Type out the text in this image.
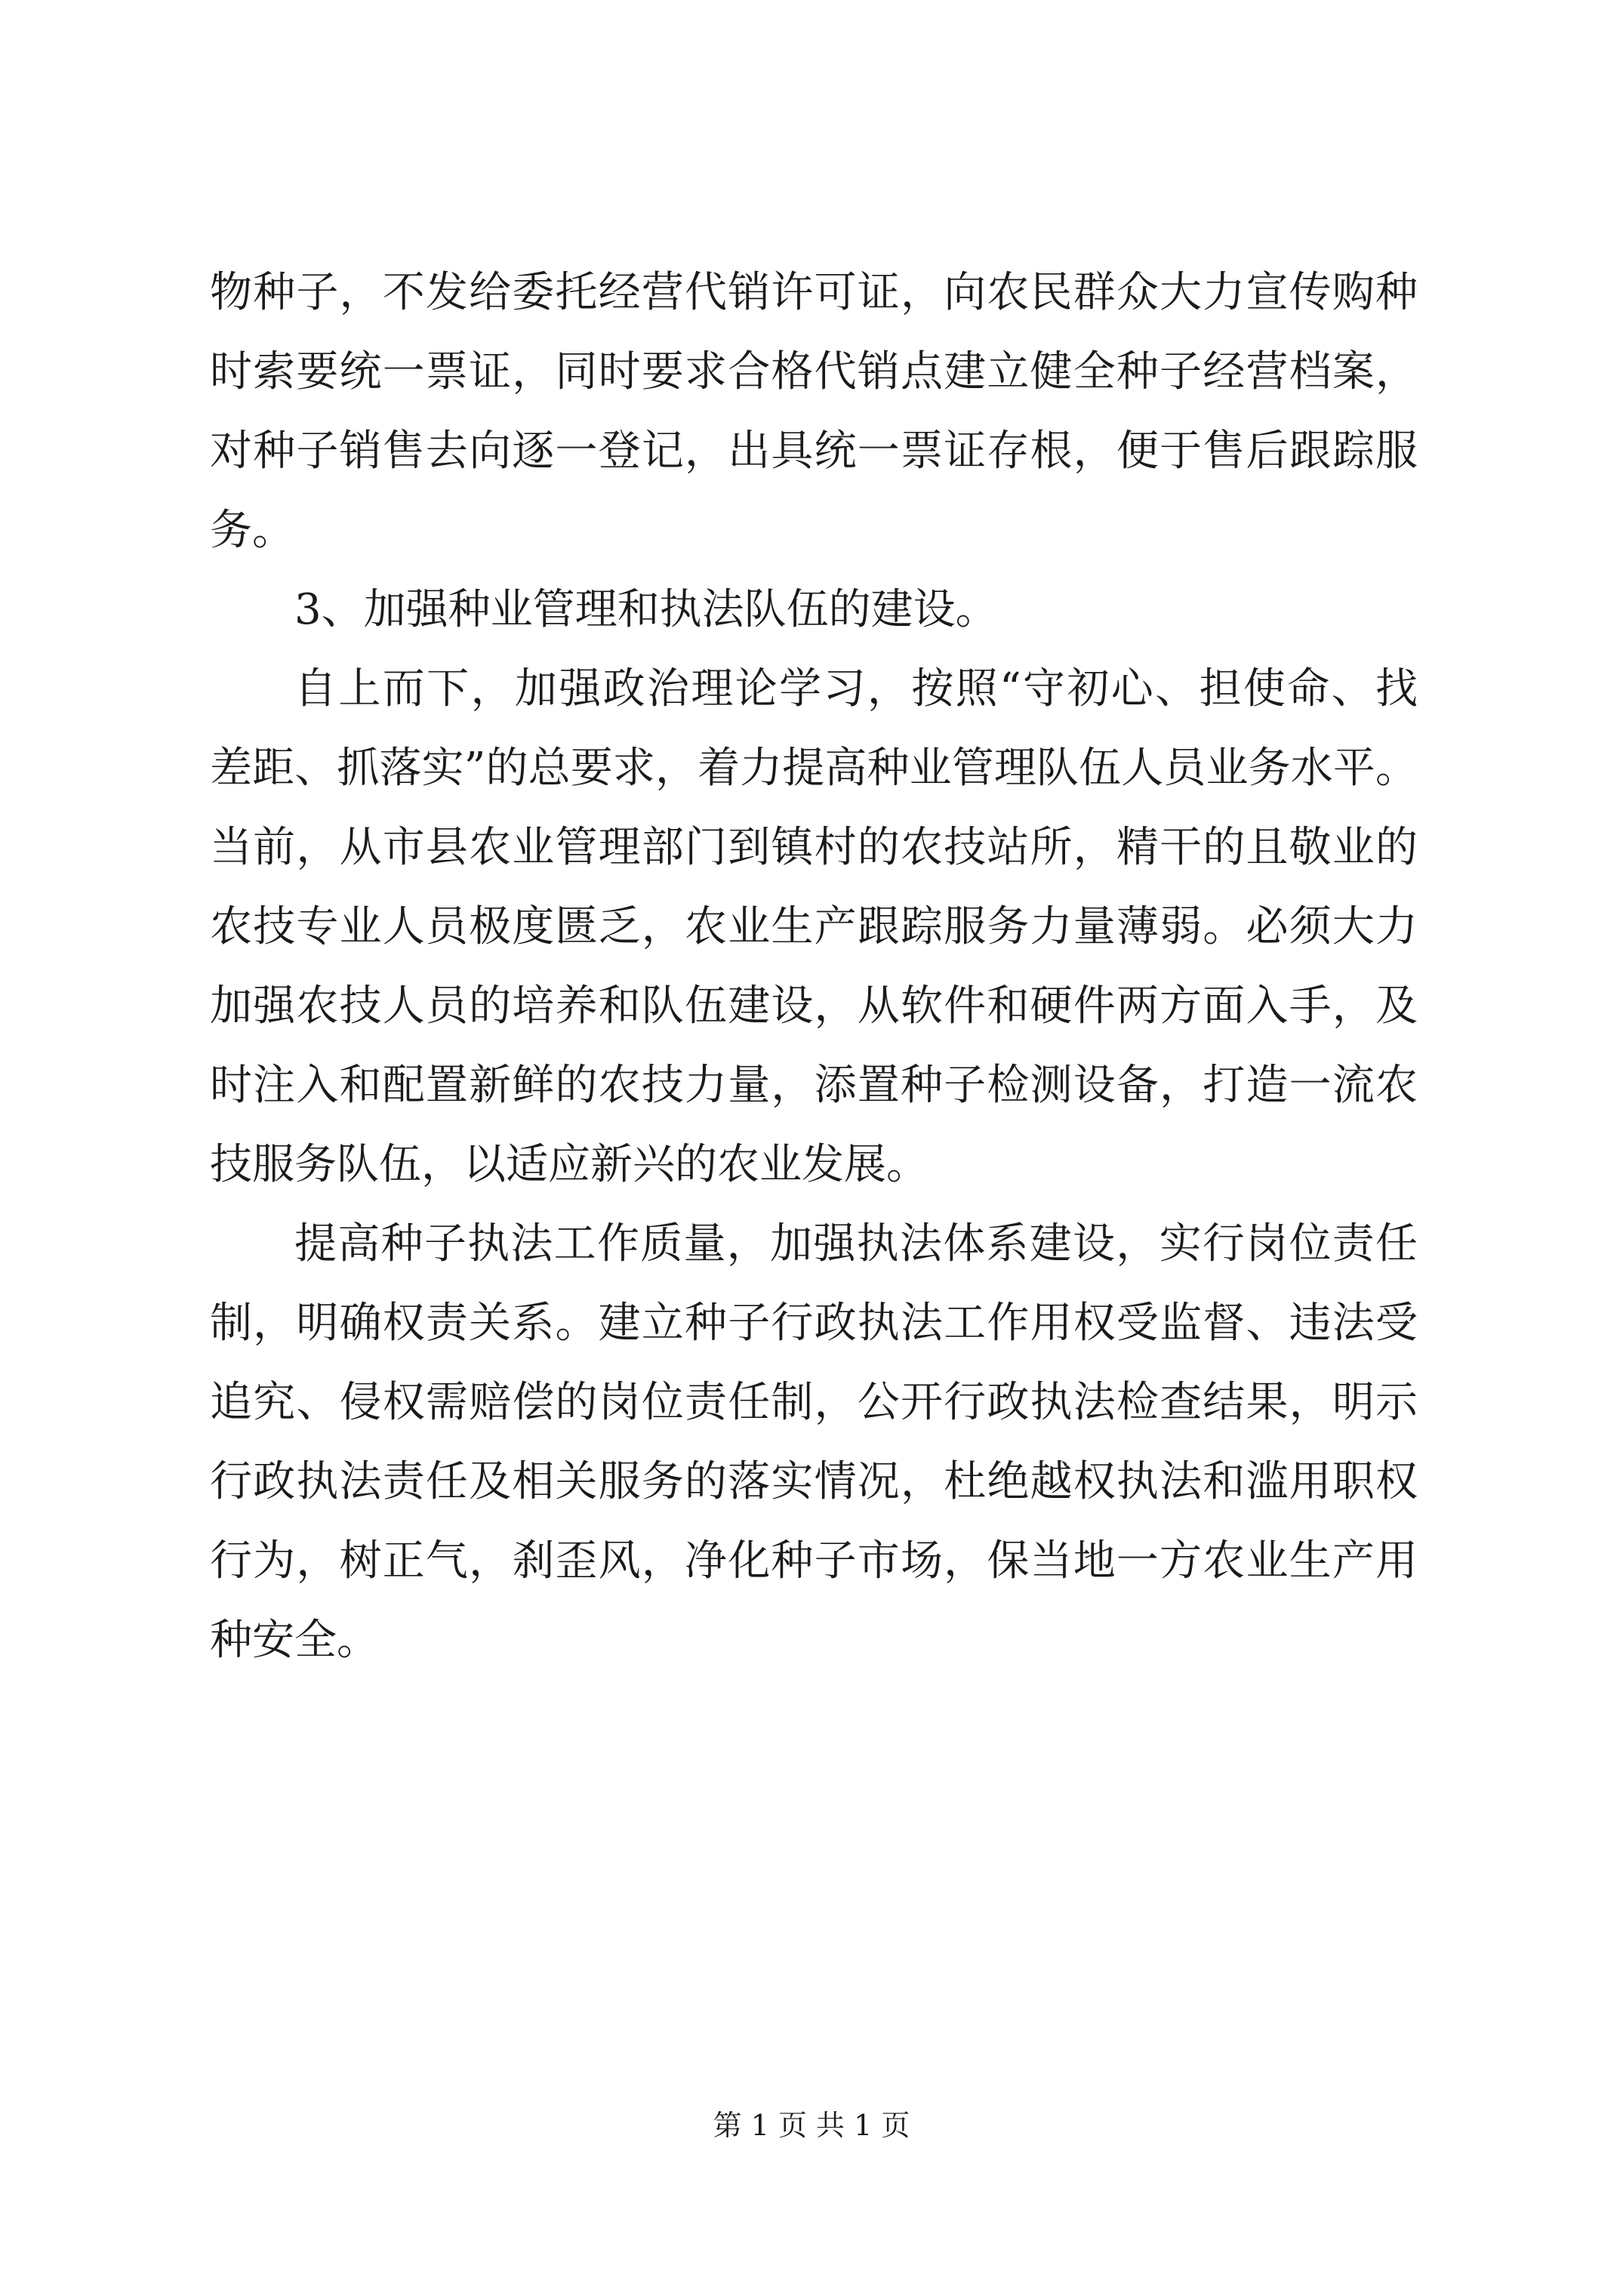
物种子，不发给委托经营代销许可证，向农民群众大力宣传购种
时索要统一票证，同时要求合格代销点建立健全种子经营档案，
对种子销售去向逐一登记，出具统一票证存根，便于售后跟踪服
务。
3、加强种业管理和执法队伍的建设。
自上而下，加强政治理论学习，按照“守初心、担使命、找
差距、抓落实”的总要求，着力提高种业管理队伍人员业务水平。
当前，从市县农业管理部门到镇村的农技站所，精干的且敬业的
农技专业人员极度匮乏，农业生产跟踪服务力量薄弱。必须大力
加强农技人员的培养和队伍建设，从软件和硬件两方面入手，及
时注入和配置新鲜的农技力量，添置种子检测设备，打造一流农
技服务队伍，以适应新兴的农业发展。
提高种子执法工作质量，加强执法体系建设，实行岗位责任
制，明确权责关系。建立种子行政执法工作用权受监督、违法受
追究、侵权需赔偿的岗位责任制，公开行政执法检查结果，明示
行政执法责任及相关服务的落实情况，杜绝越权执法和滥用职权
行为，树正气，刹歪风，净化种子市场，保当地一方农业生产用
种安全。
第 1 页 共 1 页
